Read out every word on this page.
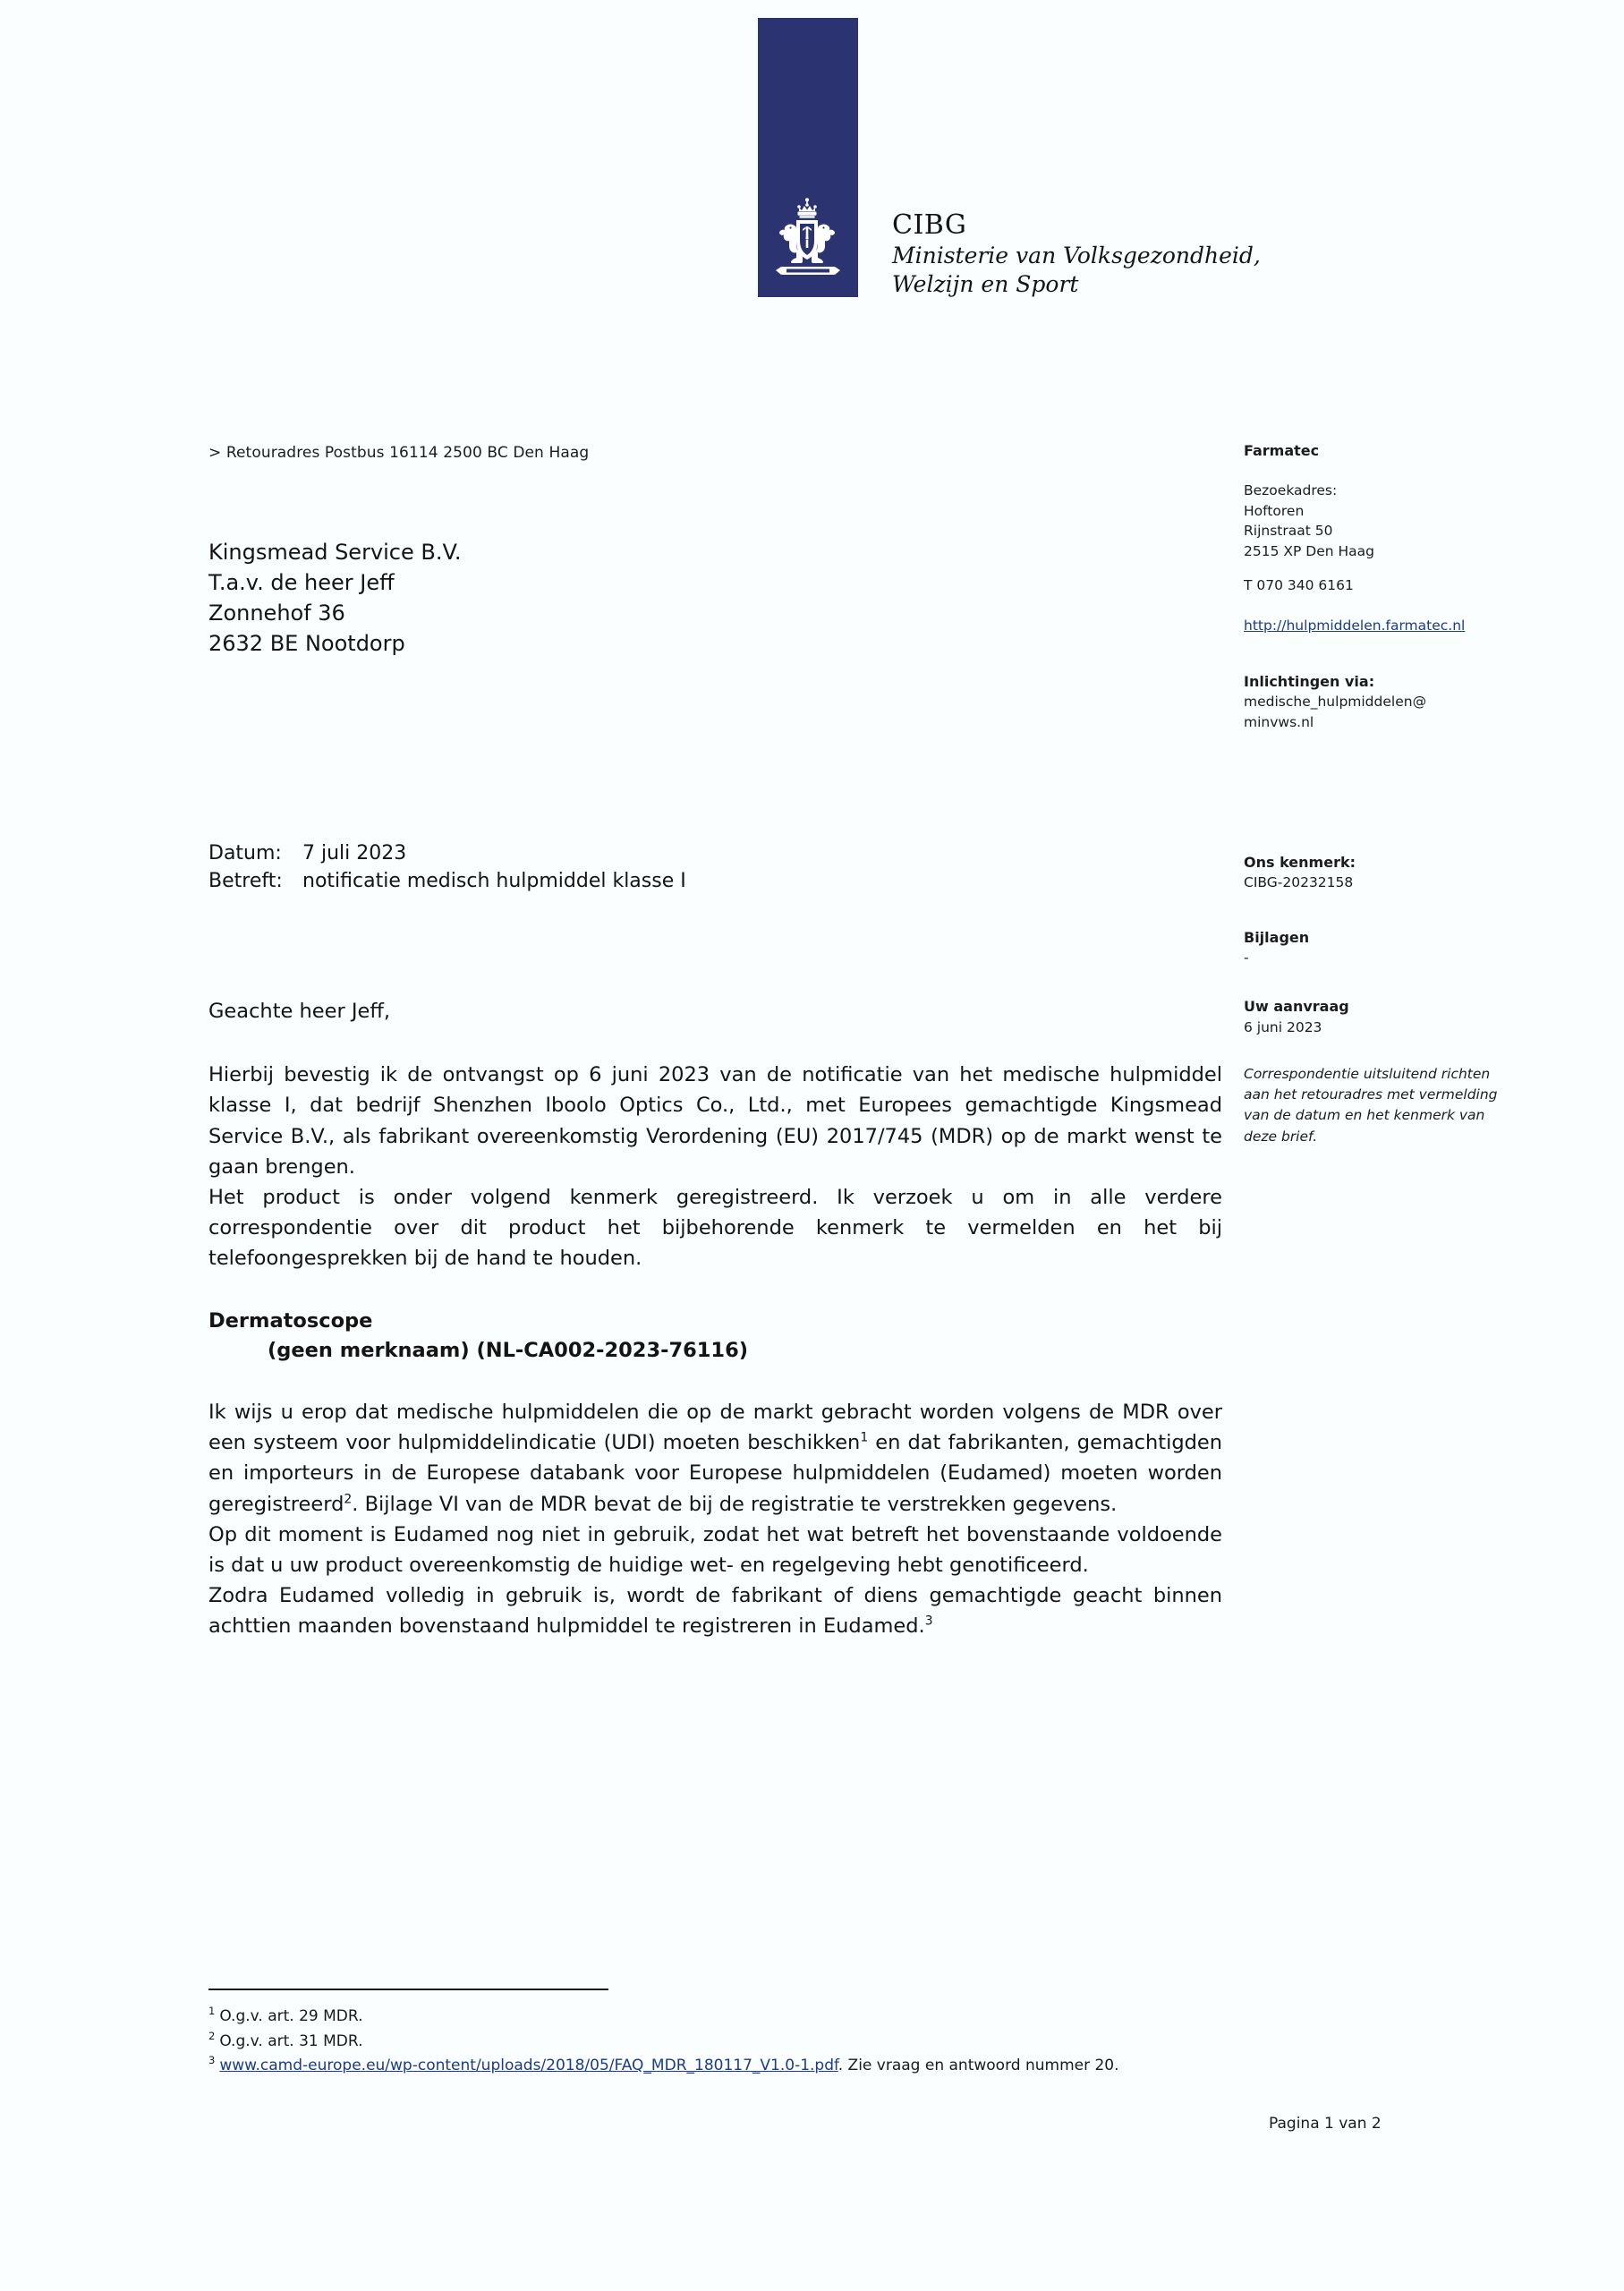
CIBG
Ministerie van Volksgezondheid,
Welzijn en Sport
> Retouradres Postbus 16114 2500 BC Den Haag
Kingsmead Service B.V.
T.a.v. de heer Jeff
Zonnehof 36
2632 BE Nootdorp
Datum:	7 juli 2023
Betreft:	notificatie medisch hulpmiddel klasse I
Geachte heer Jeff,

Hierbij bevestig ik de ontvangst op 6 juni 2023 van de notificatie van het medische hulpmiddel klasse I, dat bedrijf Shenzhen Iboolo Optics Co., Ltd., met Europees gemachtigde Kingsmead Service B.V., als fabrikant overeenkomstig Verordening (EU) 2017/745 (MDR) op de markt wenst te gaan brengen.

Het product is onder volgend kenmerk geregistreerd. Ik verzoek u om in alle verdere correspondentie over dit product het bijbehorende kenmerk te vermelden en het bij telefoongesprekken bij de hand te houden.

Dermatoscope
(geen merknaam) (NL-CA002-2023-76116)

Ik wijs u erop dat medische hulpmiddelen die op de markt gebracht worden volgens de MDR over een systeem voor hulpmiddelindicatie (UDI) moeten beschikken$^1$ en dat fabrikanten, gemachtigden en importeurs in de Europese databank voor Europese hulpmiddelen (Eudamed) moeten worden geregistreerd$^2$. Bijlage VI van de MDR bevat de bij de registratie te verstrekken gegevens.

Op dit moment is Eudamed nog niet in gebruik, zodat het wat betreft het bovenstaande voldoende is dat u uw product overeenkomstig de huidige wet- en regelgeving hebt genotificeerd.

Zodra Eudamed volledig in gebruik is, wordt de fabrikant of diens gemachtigde geacht binnen achttien maanden bovenstaand hulpmiddel te registreren in Eudamed.$^3$

Farmatec
Bezoekadres:
Hoftoren
Rijnstraat 50
2515 XP Den Haag
T 070 340 6161
http://hulpmiddelen.farmatec.nl
Inlichtingen via:
medische_hulpmiddelen@
minvws.nl
Ons kenmerk:
CIBG-20232158
Bijlagen
-
Uw aanvraag
6 juni 2023
Correspondentie uitsluitend richten aan het retouradres met vermelding van de datum en het kenmerk van deze brief.
$^1$ O.g.v. art. 29 MDR.
$^2$ O.g.v. art. 31 MDR.
$^3$ www.camd-europe.eu/wp-content/uploads/2018/05/FAQ_MDR_180117_V1.0-1.pdf. Zie vraag en antwoord nummer 20.
Pagina 1 van 2
